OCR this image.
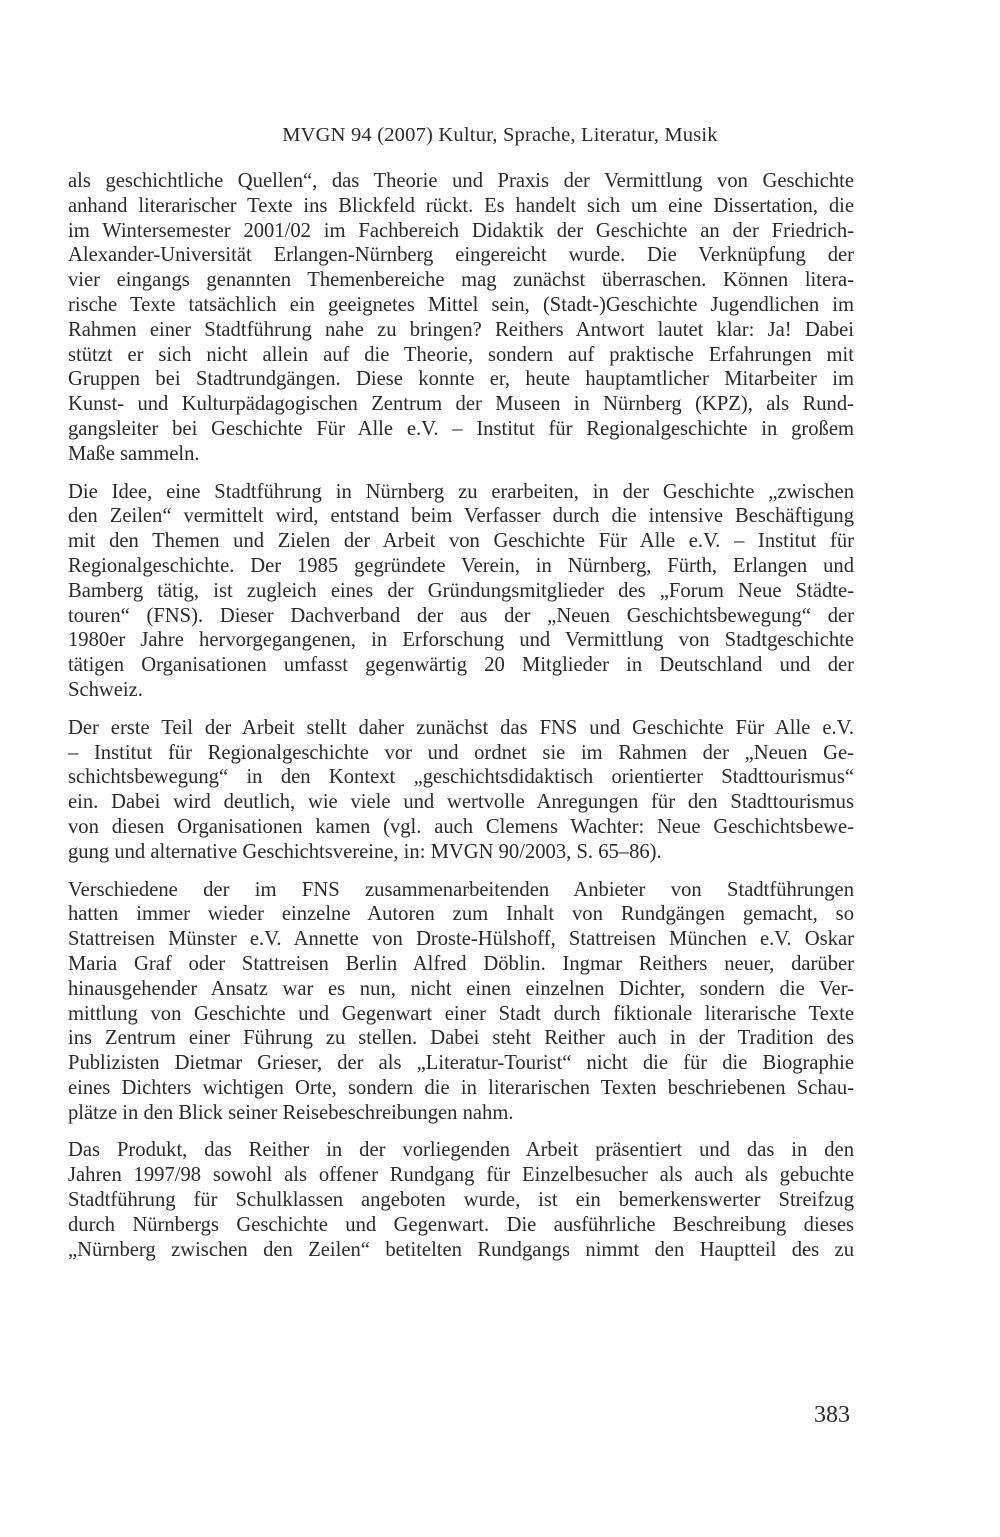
MVGN 94 (2007) Kultur, Sprache, Literatur, Musik
als geschichtliche Quellen“, das Theorie und Praxis der Vermittlung von Geschichte
anhand literarischer Texte ins Blickfeld rückt. Es handelt sich um eine Dissertation, die
im Wintersemester 2001/02 im Fachbereich Didaktik der Geschichte an der Friedrich-
Alexander-Universität Erlangen-Nürnberg eingereicht wurde. Die Verknüpfung der
vier eingangs genannten Themenbereiche mag zunächst überraschen. Können litera-
rische Texte tatsächlich ein geeignetes Mittel sein, (Stadt-)Geschichte Jugendlichen im
Rahmen einer Stadtführung nahe zu bringen? Reithers Antwort lautet klar: Ja! Dabei
stützt er sich nicht allein auf die Theorie, sondern auf praktische Erfahrungen mit
Gruppen bei Stadtrundgängen. Diese konnte er, heute hauptamtlicher Mitarbeiter im
Kunst- und Kulturpädagogischen Zentrum der Museen in Nürnberg (KPZ), als Rund-
gangsleiter bei Geschichte Für Alle e.V. – Institut für Regionalgeschichte in großem
Maße sammeln.
Die Idee, eine Stadtführung in Nürnberg zu erarbeiten, in der Geschichte „zwischen
den Zeilen“ vermittelt wird, entstand beim Verfasser durch die intensive Beschäftigung
mit den Themen und Zielen der Arbeit von Geschichte Für Alle e.V. – Institut für
Regionalgeschichte. Der 1985 gegründete Verein, in Nürnberg, Fürth, Erlangen und
Bamberg tätig, ist zugleich eines der Gründungsmitglieder des „Forum Neue Städte-
touren“ (FNS). Dieser Dachverband der aus der „Neuen Geschichtsbewegung“ der
1980er Jahre hervorgegangenen, in Erforschung und Vermittlung von Stadtgeschichte
tätigen Organisationen umfasst gegenwärtig 20 Mitglieder in Deutschland und der
Schweiz.
Der erste Teil der Arbeit stellt daher zunächst das FNS und Geschichte Für Alle e.V.
– Institut für Regionalgeschichte vor und ordnet sie im Rahmen der „Neuen Ge-
schichtsbewegung“ in den Kontext „geschichtsdidaktisch orientierter Stadttourismus“
ein. Dabei wird deutlich, wie viele und wertvolle Anregungen für den Stadttourismus
von diesen Organisationen kamen (vgl. auch Clemens Wachter: Neue Geschichtsbewe-
gung und alternative Geschichtsvereine, in: MVGN 90/2003, S. 65–86).
Verschiedene der im FNS zusammenarbeitenden Anbieter von Stadtführungen
hatten immer wieder einzelne Autoren zum Inhalt von Rundgängen gemacht, so
Stattreisen Münster e.V. Annette von Droste-Hülshoff, Stattreisen München e.V. Oskar
Maria Graf oder Stattreisen Berlin Alfred Döblin. Ingmar Reithers neuer, darüber
hinausgehender Ansatz war es nun, nicht einen einzelnen Dichter, sondern die Ver-
mittlung von Geschichte und Gegenwart einer Stadt durch fiktionale literarische Texte
ins Zentrum einer Führung zu stellen. Dabei steht Reither auch in der Tradition des
Publizisten Dietmar Grieser, der als „Literatur-Tourist“ nicht die für die Biographie
eines Dichters wichtigen Orte, sondern die in literarischen Texten beschriebenen Schau-
plätze in den Blick seiner Reisebeschreibungen nahm.
Das Produkt, das Reither in der vorliegenden Arbeit präsentiert und das in den
Jahren 1997/98 sowohl als offener Rundgang für Einzelbesucher als auch als gebuchte
Stadtführung für Schulklassen angeboten wurde, ist ein bemerkenswerter Streifzug
durch Nürnbergs Geschichte und Gegenwart. Die ausführliche Beschreibung dieses
„Nürnberg zwischen den Zeilen“ betitelten Rundgangs nimmt den Hauptteil des zu
383
